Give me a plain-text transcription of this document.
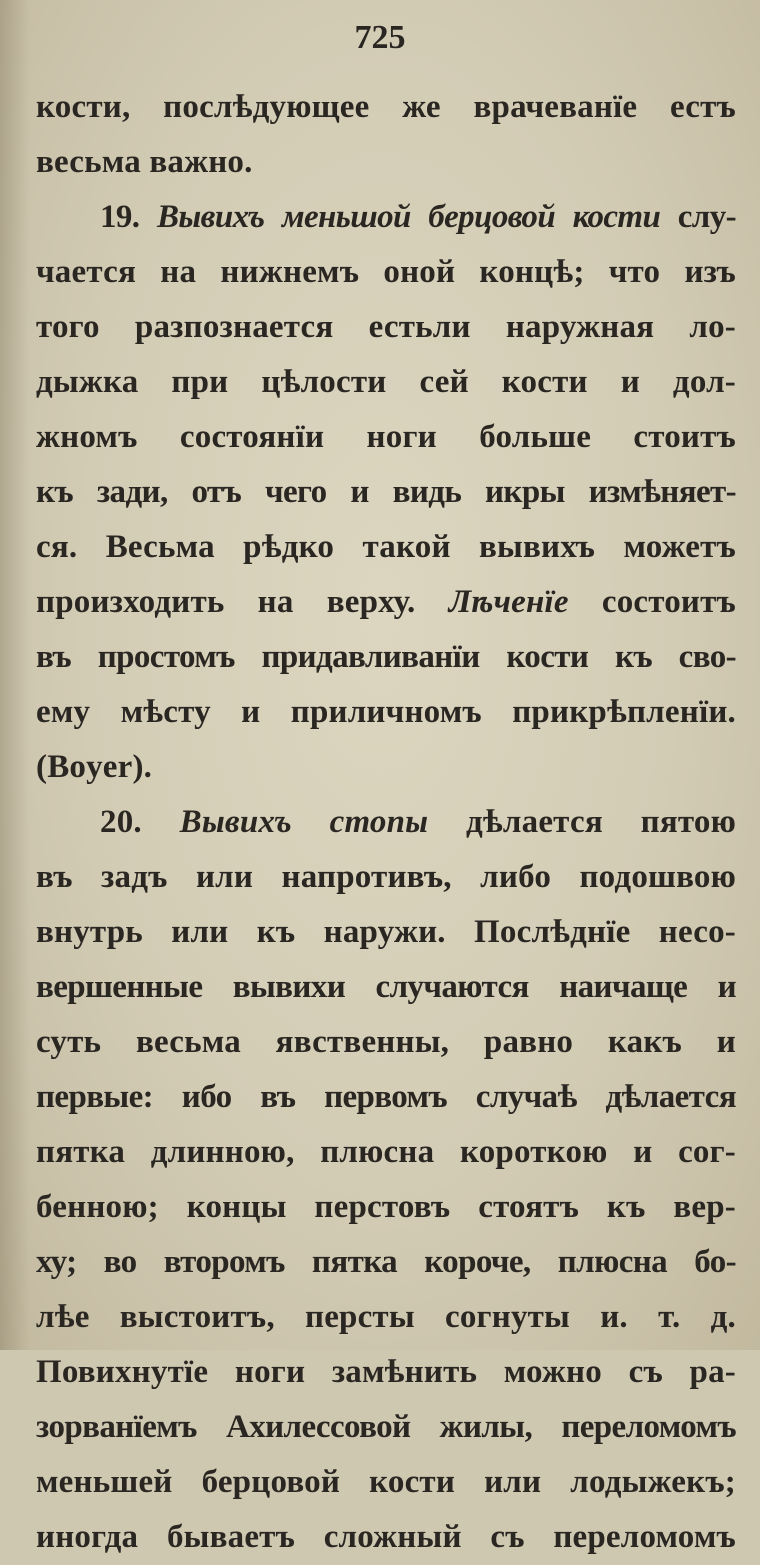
725
кости, послѣдующее же врачеванїе естъ
весьма важно.
19. Вывихъ меньшой берцовой кости слу-
чается на нижнемъ оной концѣ; что изъ
того разпознается естьли наружная ло-
дыжка при цѣлости сей кости и дол-
жномъ состоянїи ноги больше стоитъ
къ зади, отъ чего и видь икры измѣняет-
ся. Весьма рѣдко такой вывихъ можетъ
произходить на верху. Лѣченїе состоитъ
въ простомъ придавливанїи кости къ сво-
ему мѣсту и приличномъ прикрѣпленїи.
(Boyer).
20. Вывихъ стопы дѣлается пятою
въ задъ или напротивъ, либо подошвою
внутрь или къ наружи. Послѣднїе несо-
вершенные вывихи случаются наичаще и
суть весьма явственны, равно какъ и
первые: ибо въ первомъ случаѣ дѣлается
пятка длинною, плюсна короткою и сог-
бенною; концы перстовъ стоятъ къ вер-
ху; во второмъ пятка короче, плюсна бо-
лѣе выстоитъ, персты согнуты и. т. д.
Повихнутїе ноги замѣнить можно съ ра-
зорванїемъ Ахилессовой жилы, переломомъ
меньшей берцовой кости или лодыжекъ;
иногда бываетъ сложный съ переломомъ
